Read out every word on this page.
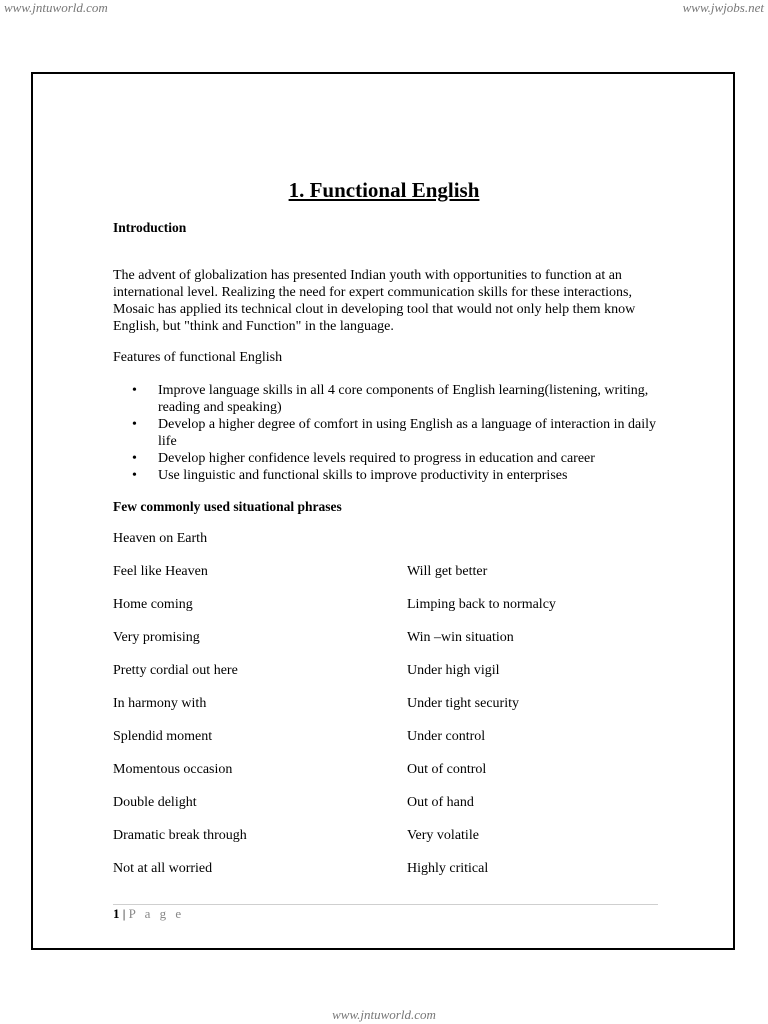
www.jntuworld.com	www.jwjobs.net
1. Functional English
Introduction
The advent of globalization has presented Indian youth with opportunities to function at an international level. Realizing the need for expert communication skills for these interactions, Mosaic has applied its technical clout in developing tool that would not only help them know English, but "think and Function" in the language.
Features of functional English
• Improve language skills in all 4 core components of English learning(listening, writing, reading and speaking)
• Develop a higher degree of comfort in using English as a language of interaction in daily life
• Develop higher confidence levels required to progress in education and career
• Use linguistic and functional skills to improve productivity in enterprises
Few commonly used situational phrases
Heaven on Earth
Feel like Heaven	Will get better
Home coming	Limping back to normalcy
Very promising	Win –win situation
Pretty cordial out here	Under high vigil
In harmony with	Under tight security
Splendid moment	Under control
Momentous occasion	Out of control
Double delight	Out of hand
Dramatic break through	Very volatile
Not at all worried	Highly critical
1 | P a g e
www.jntuworld.com
